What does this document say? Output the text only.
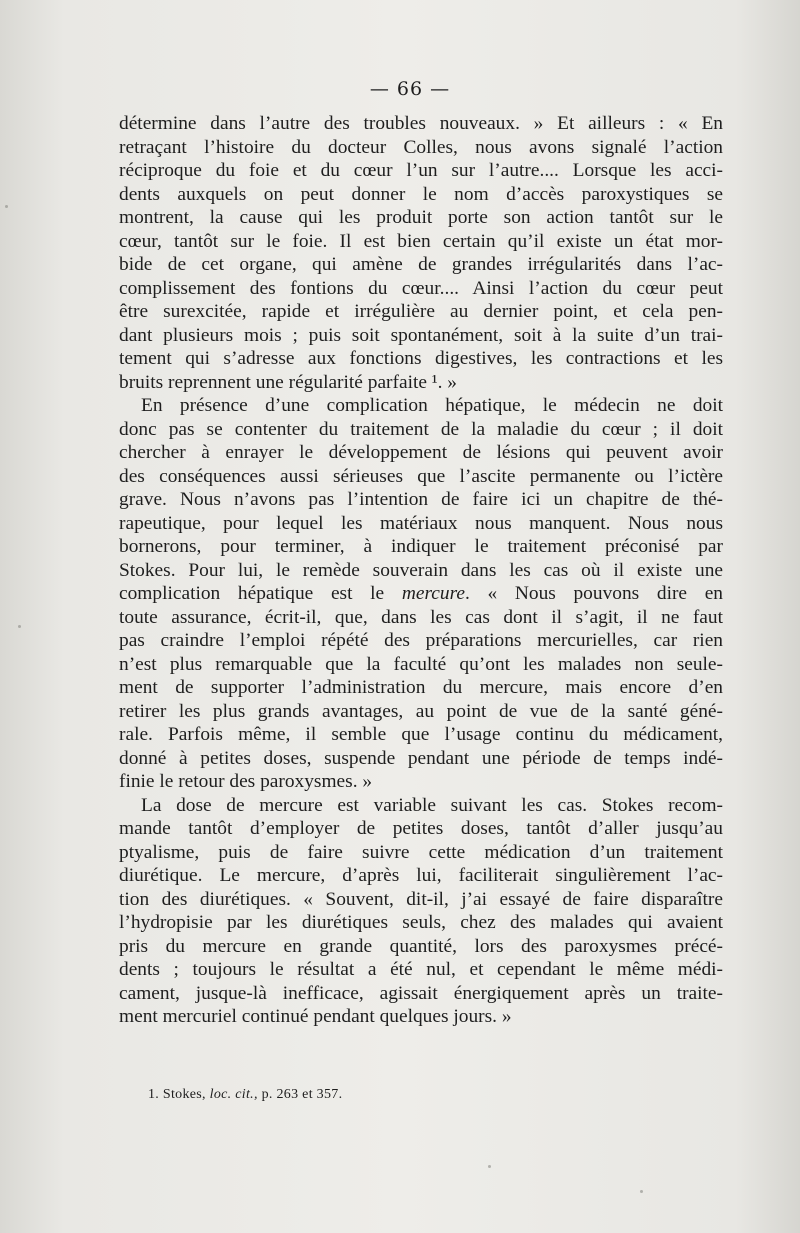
— 66 —
détermine dans l’autre des troubles nouveaux. » Et ailleurs : « En
retraçant l’histoire du docteur Colles, nous avons signalé l’action
réciproque du foie et du cœur l’un sur l’autre.... Lorsque les acci-
dents auxquels on peut donner le nom d’accès paroxystiques se
montrent, la cause qui les produit porte son action tantôt sur le
cœur, tantôt sur le foie. Il est bien certain qu’il existe un état mor-
bide de cet organe, qui amène de grandes irrégularités dans l’ac-
complissement des fontions du cœur.... Ainsi l’action du cœur peut
être surexcitée, rapide et irrégulière au dernier point, et cela pen-
dant plusieurs mois ; puis soit spontanément, soit à la suite d’un trai-
tement qui s’adresse aux fonctions digestives, les contractions et les
bruits reprennent une régularité parfaite ¹. »
En présence d’une complication hépatique, le médecin ne doit
donc pas se contenter du traitement de la maladie du cœur ; il doit
chercher à enrayer le développement de lésions qui peuvent avoir
des conséquences aussi sérieuses que l’ascite permanente ou l’ictère
grave. Nous n’avons pas l’intention de faire ici un chapitre de thé-
rapeutique, pour lequel les matériaux nous manquent. Nous nous
bornerons, pour terminer, à indiquer le traitement préconisé par
Stokes. Pour lui, le remède souverain dans les cas où il existe une
complication hépatique est le mercure. « Nous pouvons dire en
toute assurance, écrit-il, que, dans les cas dont il s’agit, il ne faut
pas craindre l’emploi répété des préparations mercurielles, car rien
n’est plus remarquable que la faculté qu’ont les malades non seule-
ment de supporter l’administration du mercure, mais encore d’en
retirer les plus grands avantages, au point de vue de la santé géné-
rale. Parfois même, il semble que l’usage continu du médicament,
donné à petites doses, suspende pendant une période de temps indé-
finie le retour des paroxysmes. »
La dose de mercure est variable suivant les cas. Stokes recom-
mande tantôt d’employer de petites doses, tantôt d’aller jusqu’au
ptyalisme, puis de faire suivre cette médication d’un traitement
diurétique. Le mercure, d’après lui, faciliterait singulièrement l’ac-
tion des diurétiques. « Souvent, dit-il, j’ai essayé de faire disparaître
l’hydropisie par les diurétiques seuls, chez des malades qui avaient
pris du mercure en grande quantité, lors des paroxysmes précé-
dents ; toujours le résultat a été nul, et cependant le même médi-
cament, jusque-là inefficace, agissait énergiquement après un traite-
ment mercuriel continué pendant quelques jours. »
1. Stokes, loc. cit., p. 263 et 357.
